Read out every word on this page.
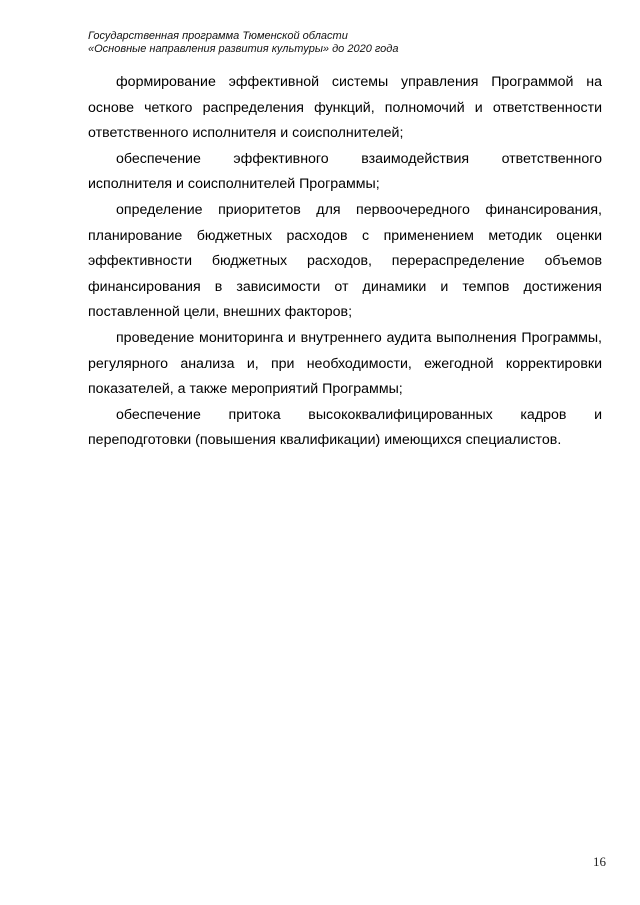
Государственная программа Тюменской области
«Основные направления развития культуры» до 2020 года

формирование эффективной системы управления Программой на основе четкого распределения функций, полномочий и ответственности ответственного исполнителя и соисполнителей;

обеспечение эффективного взаимодействия ответственного исполнителя и соисполнителей Программы;

определение приоритетов для первоочередного финансирования, планирование бюджетных расходов с применением методик оценки эффективности бюджетных расходов, перераспределение объемов финансирования в зависимости от динамики и темпов достижения поставленной цели, внешних факторов;

проведение мониторинга и внутреннего аудита выполнения Программы, регулярного анализа и, при необходимости, ежегодной корректировки показателей, а также мероприятий Программы;

обеспечение притока высококвалифицированных кадров и переподготовки (повышения квалификации) имеющихся специалистов.

16
